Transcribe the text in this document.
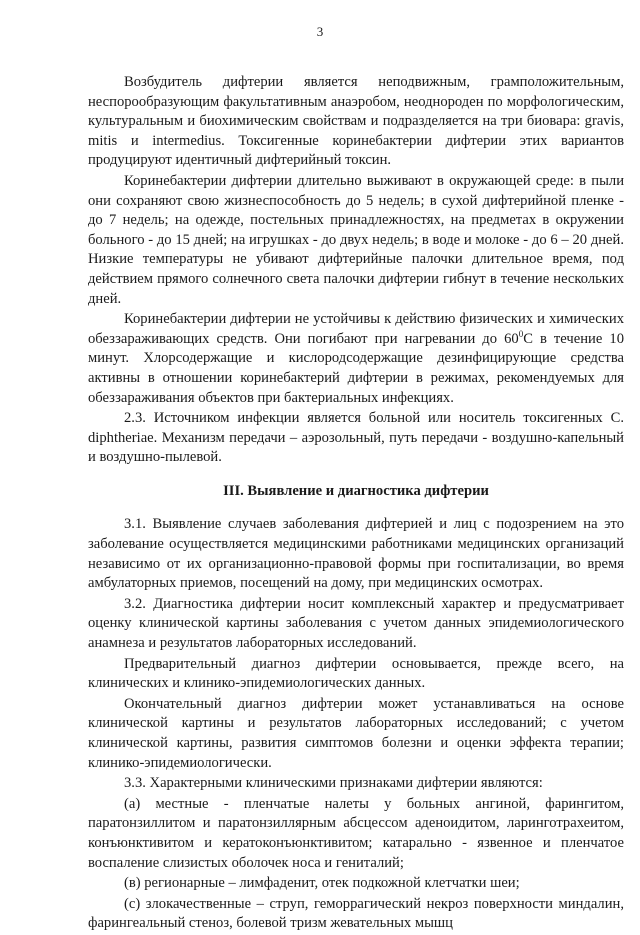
3

Возбудитель дифтерии является неподвижным, грамположительным, неспорообразующим факультативным анаэробом, неоднороден по морфологическим, культуральным и биохимическим свойствам и подразделяется на три биовара: gravis, mitis и intermedius. Токсигенные коринебактерии дифтерии этих вариантов продуцируют идентичный дифтерийный токсин.

Коринебактерии дифтерии длительно выживают в окружающей среде: в пыли они сохраняют свою жизнеспособность до 5 недель; в сухой дифтерийной пленке - до 7 недель; на одежде, постельных принадлежностях, на предметах в окружении больного - до 15 дней; на игрушках - до двух недель; в воде и молоке - до 6 – 20 дней. Низкие температуры не убивают дифтерийные палочки длительное время, под действием прямого солнечного света палочки дифтерии гибнут в течение нескольких дней.

Коринебактерии дифтерии не устойчивы к действию физических и химических обеззараживающих средств. Они погибают при нагревании до $60^0С$ в течение 10 минут. Хлорсодержащие и кислородсодержащие дезинфицирующие средства активны в отношении коринебактерий дифтерии в режимах, рекомендуемых для обеззараживания объектов при бактериальных инфекциях.

2.3. Источником инфекции является больной или носитель токсигенных C. diphtheriae. Механизм передачи – аэрозольный, путь передачи - воздушно-капельный и воздушно-пылевой.

III. Выявление и диагностика дифтерии

3.1. Выявление случаев заболевания дифтерией и лиц с подозрением на это заболевание осуществляется медицинскими работниками медицинских организаций независимо от их организационно-правовой формы при госпитализации, во время амбулаторных приемов, посещений на дому, при медицинских осмотрах.

3.2. Диагностика дифтерии носит комплексный характер и предусматривает оценку клинической картины заболевания с учетом данных эпидемиологического анамнеза и результатов лабораторных исследований.

Предварительный диагноз дифтерии основывается, прежде всего, на клинических и клинико-эпидемиологических данных.

Окончательный диагноз дифтерии может устанавливаться на основе клинической картины и результатов лабораторных исследований; с учетом клинической картины, развития симптомов болезни и оценки эффекта терапии; клинико-эпидемиологически.

3.3. Характерными клиническими признаками дифтерии являются:

(а) местные - пленчатые налеты у больных ангиной, фарингитом, паратонзиллитом и паратонзиллярным абсцессом аденоидитом, ларинготрахеитом, конъюнктивитом и кератоконъюнктивитом; катарально - язвенное и пленчатое воспаление слизистых оболочек носа и гениталий;

(в) регионарные – лимфаденит, отек подкожной клетчатки шеи;

(с) злокачественные – струп, геморрагический некроз поверхности миндалин, фарингеальный стеноз, болевой тризм жевательных мышц
